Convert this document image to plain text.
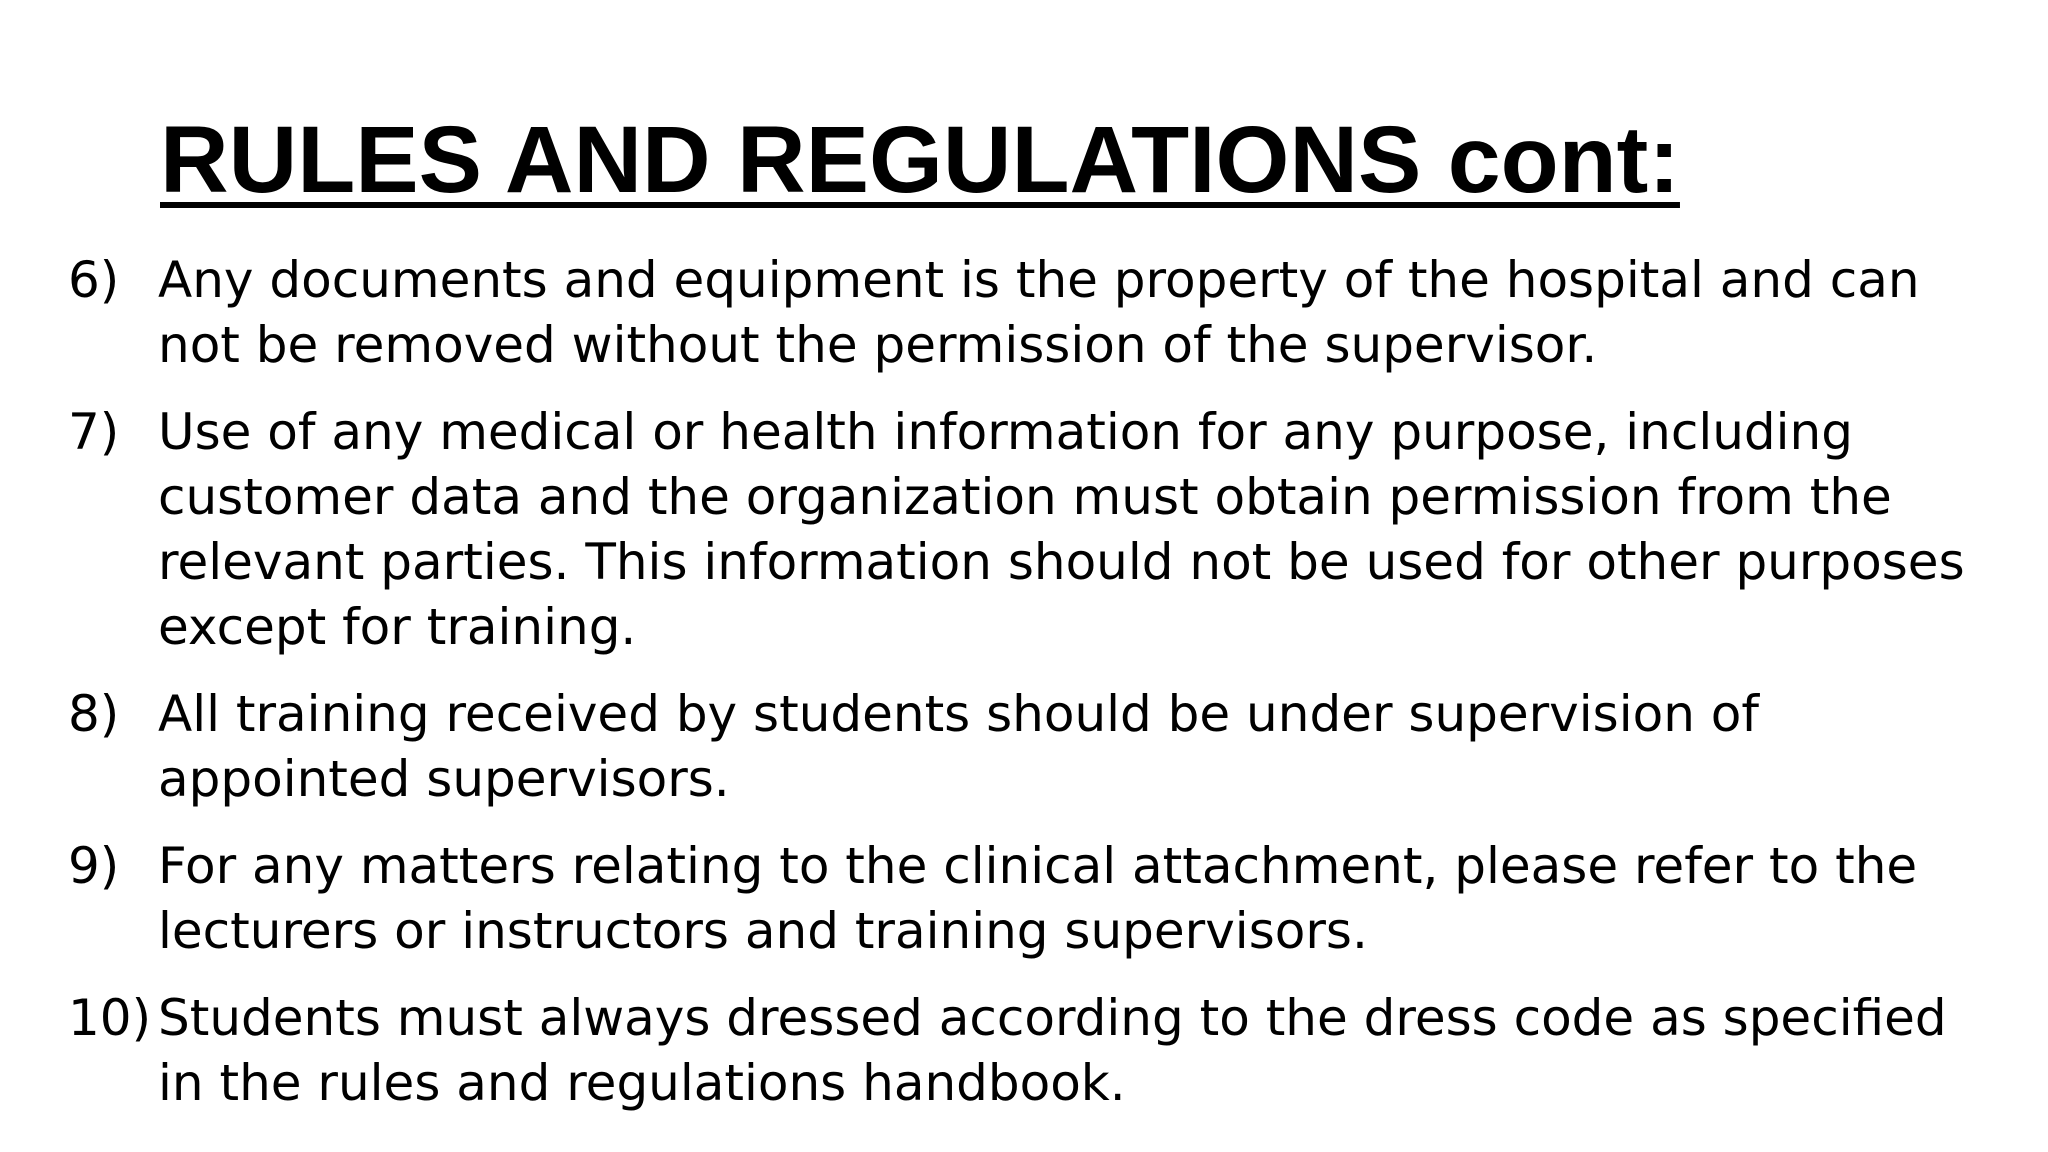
RULES AND REGULATIONS cont:
6) Any documents and equipment is the property of the hospital and can not be removed without the permission of the supervisor.
7) Use of any medical or health information for any purpose, including customer data and the organization must obtain permission from the relevant parties. This information should not be used for other purposes except for training.
8) All training received by students should be under supervision of appointed supervisors.
9) For any matters relating to the clinical attachment, please refer to the lecturers or instructors and training supervisors.
10) Students must always dressed according to the dress code as specified in the rules and regulations handbook.
